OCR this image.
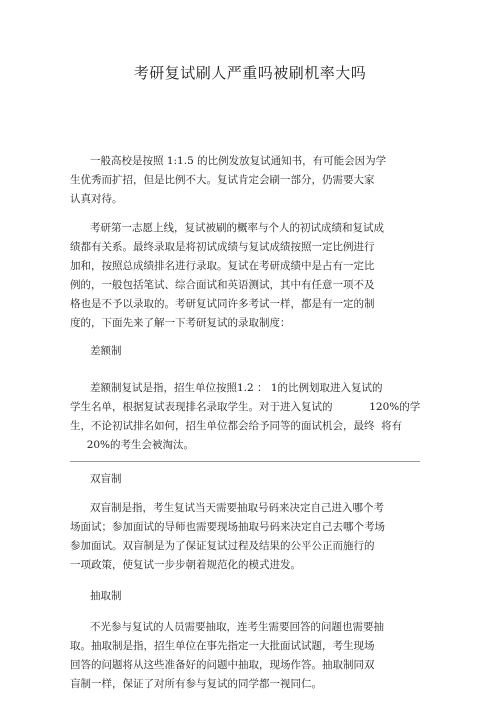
考研复试刷人严重吗被刷机率大吗
一般高校是按照 1:1.5 的比例发放复试通知书，有可能会因为学
生优秀而扩招，但是比例不大。复试肯定会刷一部分，仍需要大家
认真对待。
考研第一志愿上线，复试被刷的概率与个人的初试成绩和复试成
绩都有关系。最终录取是将初试成绩与复试成绩按照一定比例进行
加和，按照总成绩排名进行录取。复试在考研成绩中是占有一定比
例的，一般包括笔试、综合面试和英语测试，其中有任意一项不及
格也是不予以录取的。考研复试同许多考试一样，都是有一定的制
度的，下面先来了解一下考研复试的录取制度：
差额制
差额制复试是指，招生单位按照1.2 ： 1的比例划取进入复试的
学生名单，根据复试表现排名录取学生。对于进入复试的           120%的学
生，不论初试排名如何，招生单位都会给予同等的面试机会，最终  将有
20%的考生会被淘汰。
双盲制
双盲制是指，考生复试当天需要抽取号码来决定自己进入哪个考
场面试；参加面试的导师也需要现场抽取号码来决定自己去哪个考场
参加面试。双盲制是为了保证复试过程及结果的公平公正而施行的
一项政策，使复试一步步朝着规范化的模式进发。
抽取制
不光参与复试的人员需要抽取，连考生需要回答的问题也需要抽
取。抽取制是指，招生单位在事先指定一大批面试试题，考生现场
回答的问题将从这些准备好的问题中抽取，现场作答。抽取制同双
盲制一样，保证了对所有参与复试的同学都一视同仁。
